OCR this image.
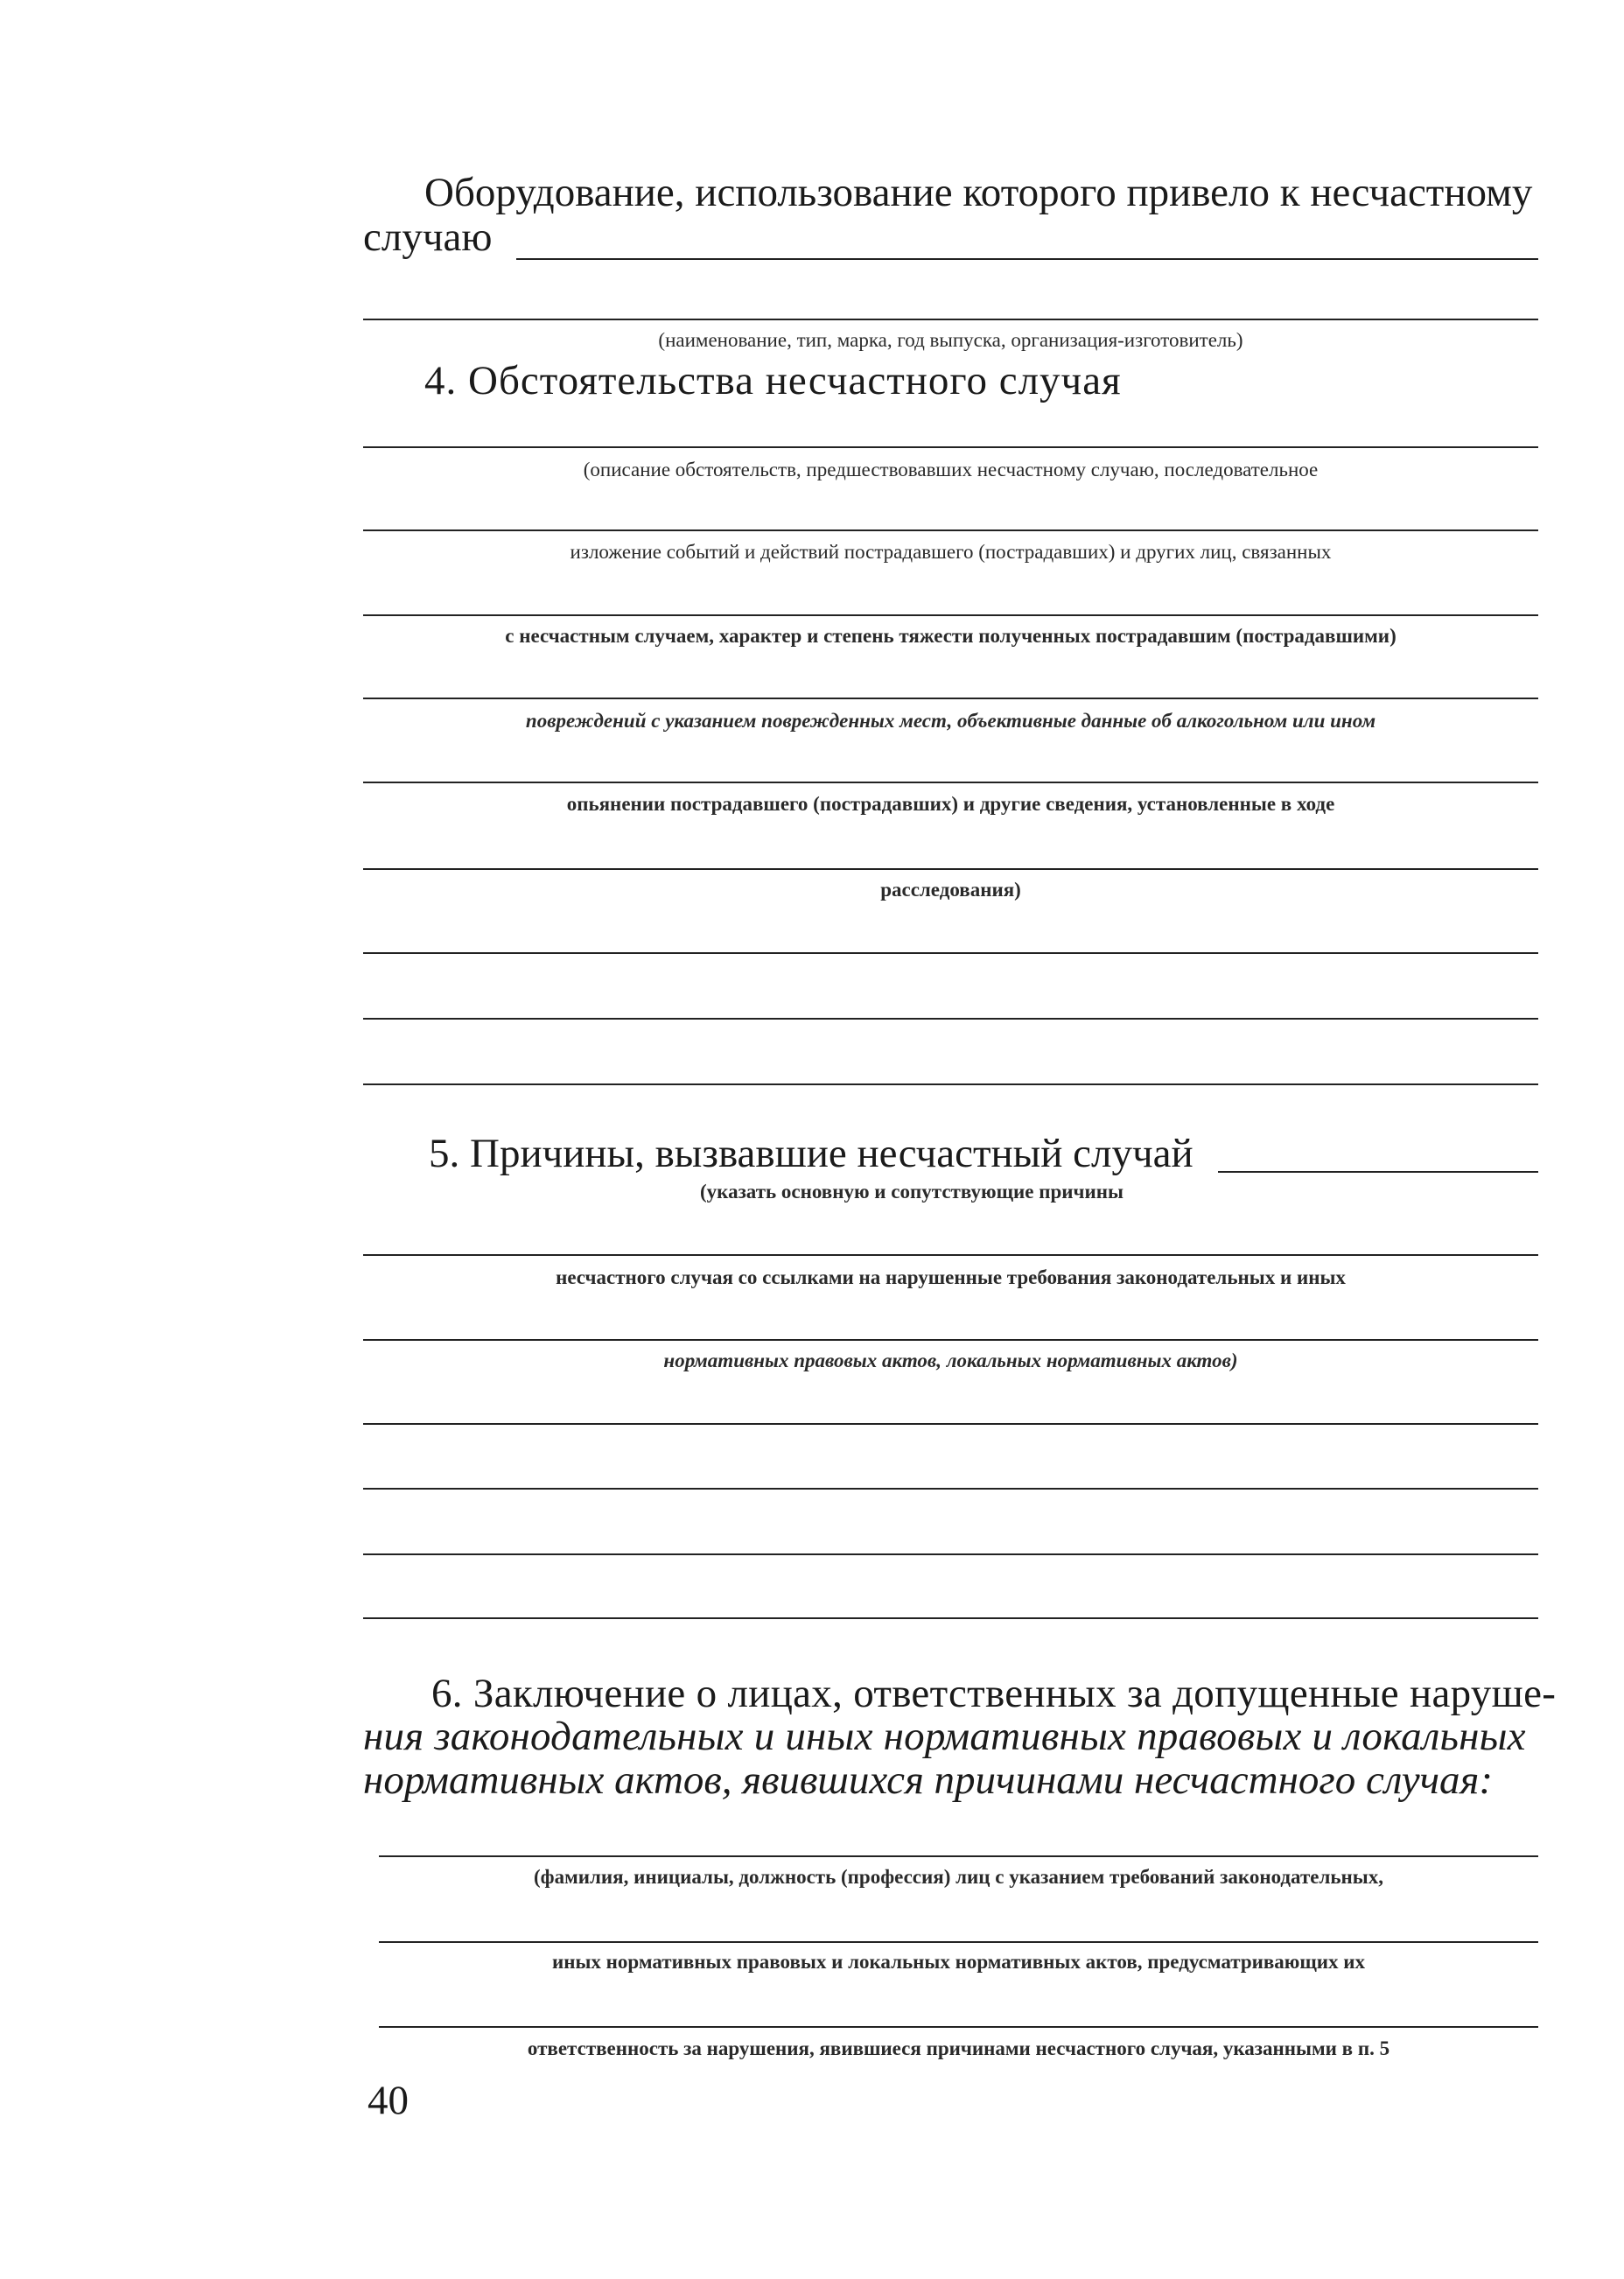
Оборудование, использование которого привело к несчастному
случаю
(наименование, тип, марка, год выпуска, организация-изготовитель)
4. Обстоятельства несчастного случая
(описание обстоятельств, предшествовавших несчастному случаю, последовательное
изложение событий и действий пострадавшего (пострадавших) и других лиц, связанных
с несчастным случаем, характер и степень тяжести полученных пострадавшим (пострадавшими)
повреждений с указанием поврежденных мест, объективные данные об алкогольном или ином
опьянении пострадавшего (пострадавших) и другие сведения, установленные в ходе
расследования)
5. Причины, вызвавшие несчастный случай
(указать основную и сопутствующие причины
несчастного случая со ссылками на нарушенные требования законодательных и иных
нормативных правовых актов, локальных нормативных актов)
6. Заключение о лицах, ответственных за допущенные наруше-
ния законодательных и иных нормативных правовых и локальных
нормативных актов, явившихся причинами несчастного случая:
(фамилия, инициалы, должность (профессия) лиц с указанием требований законодательных,
иных нормативных правовых и локальных нормативных актов, предусматривающих их
ответственность за нарушения, явившиеся причинами несчастного случая, указанными в п. 5
40
